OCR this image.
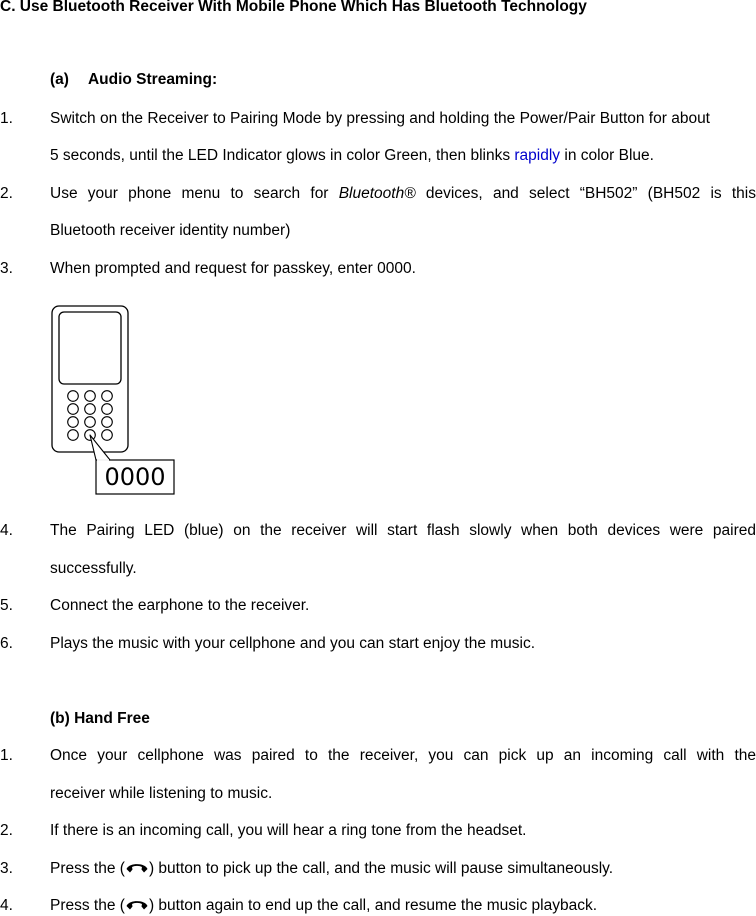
C. Use Bluetooth Receiver With Mobile Phone Which Has Bluetooth Technology
(a) Audio Streaming:
1. Switch on the Receiver to Pairing Mode by pressing and holding the Power/Pair Button for about
5 seconds, until the LED Indicator glows in color Green, then blinks rapidly in color Blue.
2. Use your phone menu to search for Bluetooth® devices, and select “BH502” (BH502 is this
Bluetooth receiver identity number)
3. When prompted and request for passkey, enter 0000.
0000
4. The Pairing LED (blue) on the receiver will start flash slowly when both devices were paired
successfully.
5. Connect the earphone to the receiver.
6. Plays the music with your cellphone and you can start enjoy the music.
(b) Hand Free
1. Once your cellphone was paired to the receiver, you can pick up an incoming call with the
receiver while listening to music.
2. If there is an incoming call, you will hear a ring tone from the headset.
3. Press the ( ) button to pick up the call, and the music will pause simultaneously.
4. Press the ( ) button again to end up the call, and resume the music playback.
